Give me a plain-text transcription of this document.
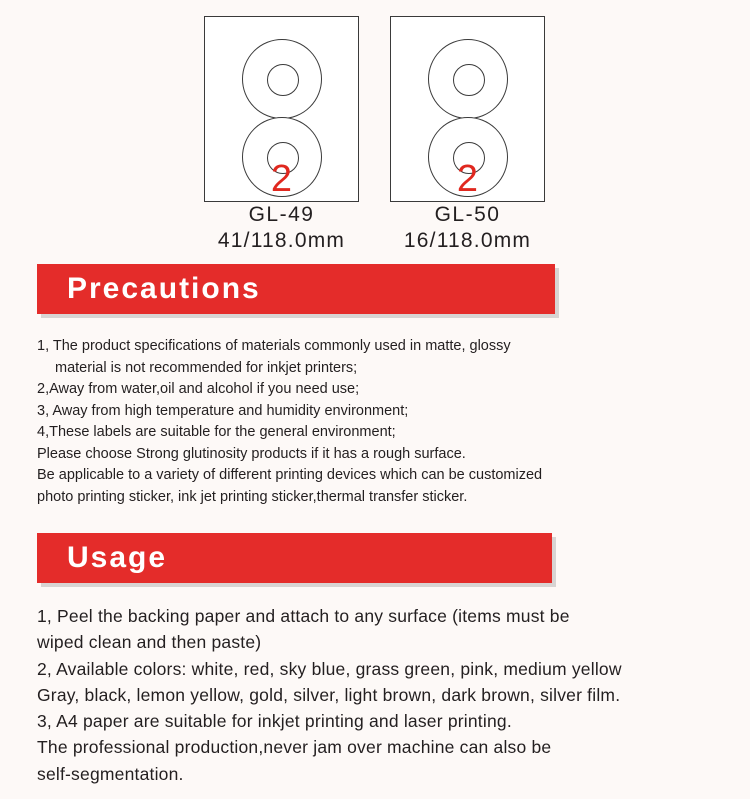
2
GL-49
41/118.0mm
2
GL-50
16/118.0mm
Precautions
1, The product specifications of materials commonly used in matte, glossy
material is not recommended for inkjet printers;
2,Away from water,oil and alcohol if you need use;
3, Away from high temperature and humidity environment;
4,These labels are suitable for the general environment;
Please choose Strong glutinosity products if it has a rough surface.
Be applicable to a variety of different printing devices which can be customized
photo printing sticker, ink jet printing sticker,thermal transfer sticker.
Usage
1, Peel the backing paper and attach to any surface (items must be
wiped clean and then paste)
2, Available colors: white, red, sky blue, grass green, pink, medium yellow
Gray, black, lemon yellow, gold, silver, light brown, dark brown, silver film.
3, A4 paper are suitable for inkjet printing and laser printing.
The professional production,never jam over machine can also be
self-segmentation.
